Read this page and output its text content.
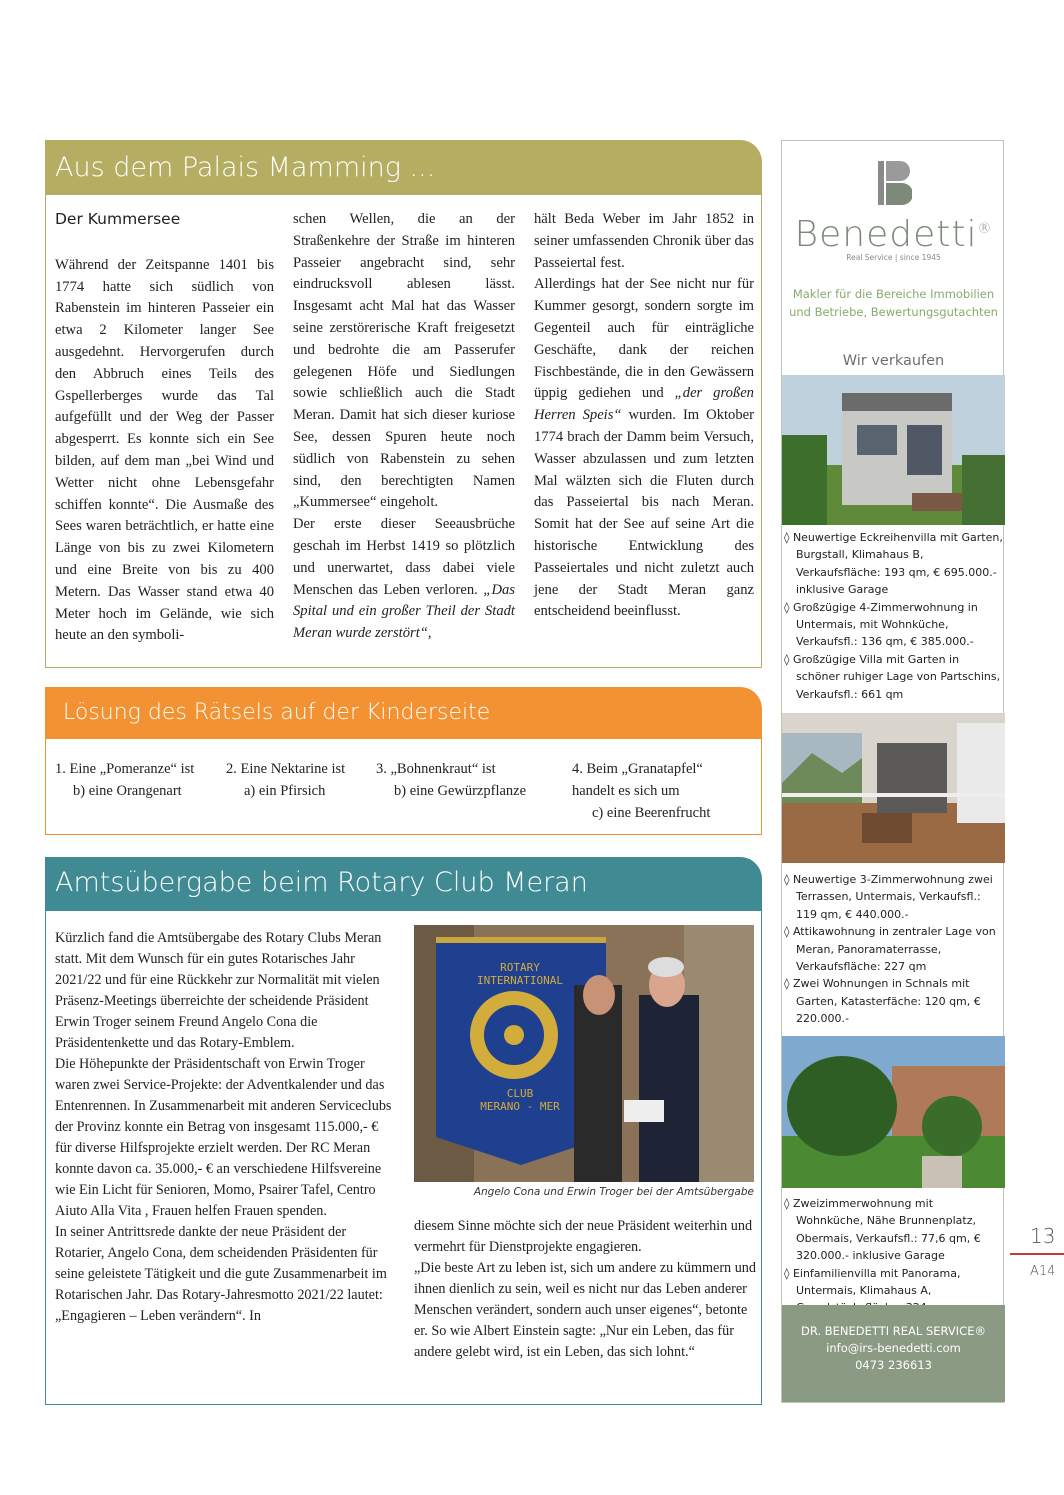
Aus dem Palais Mamming ...

Der Kummersee

Während der Zeitspanne 1401 bis 1774 hatte sich südlich von Rabenstein im hinteren Passeier ein etwa 2 Kilometer langer See ausgedehnt. Hervorgerufen durch den Abbruch eines Teils des Gspellerberges wurde das Tal aufgefüllt und der Weg der Passer abgesperrt. Es konnte sich ein See bilden, auf dem man „bei Wind und Wetter nicht ohne Lebensgefahr schiffen konnte“. Die Ausmaße des Sees waren beträchtlich, er hatte eine Länge von bis zu zwei Kilometern und eine Breite von bis zu 400 Metern. Das Wasser stand etwa 40 Meter hoch im Gelände, wie sich heute an den symboli-

schen Wellen, die an der Straßenkehre der Straße im hinteren Passeier angebracht sind, sehr eindrucksvoll ablesen lässt. Insgesamt acht Mal hat das Wasser seine zerstörerische Kraft freigesetzt und bedrohte die am Passerufer gelegenen Höfe und Siedlungen sowie schließlich auch die Stadt Meran. Damit hat sich dieser kuriose See, dessen Spuren heute noch südlich von Rabenstein zu sehen sind, den berechtigten Namen „Kummersee“ eingeholt.

Der erste dieser Seeausbrüche geschah im Herbst 1419 so plötzlich und unerwartet, dass dabei viele Menschen das Leben verloren. „Das Spital und ein großer Theil der Stadt Meran wurde zerstört“,

hält Beda Weber im Jahr 1852 in seiner umfassenden Chronik über das Passeiertal fest.

Allerdings hat der See nicht nur für Kummer gesorgt, sondern sorgte im Gegenteil auch für einträgliche Geschäfte, dank der reichen Fischbestände, die in den Gewässern üppig gediehen und „der großen Herren Speis“ wurden. Im Oktober 1774 brach der Damm beim Versuch, Wasser abzulassen und zum letzten Mal wälzten sich die Fluten durch das Passeiertal bis nach Meran. Somit hat der See auf seine Art die historische Entwicklung des Passeiertales und nicht zuletzt auch jene der Stadt Meran ganz entscheidend beeinflusst.

Lösung des Rätsels auf der Kinderseite
1. Eine „Pomeranze“ ist
b) eine Orangenart
2. Eine Nektarine ist
a) ein Pfirsich
3. „Bohnenkraut“ ist
b) eine Gewürzpflanze
4. Beim „Granatapfel“ handelt es sich um
c) eine Beerenfrucht
Amtsübergabe beim Rotary Club Meran

Kürzlich fand die Amtsübergabe des Rotary Clubs Meran statt. Mit dem Wunsch für ein gutes Rotarisches Jahr 2021/22 und für eine Rückkehr zur Normalität mit vielen Präsenz-Meetings überreichte der scheidende Präsident Erwin Troger seinem Freund Angelo Cona die Präsidentenkette und das Rotary-Emblem.

Die Höhepunkte der Präsidentschaft von Erwin Troger waren zwei Service-Projekte: der Adventkalender und das Entenrennen. In Zusammenarbeit mit anderen Serviceclubs der Provinz konnte ein Betrag von insgesamt 115.000,- € für diverse Hilfsprojekte erzielt werden. Der RC Meran konnte davon ca. 35.000,- € an verschiedene Hilfsvereine wie Ein Licht für Senioren, Momo, Psairer Tafel, Centro Aiuto Alla Vita , Frauen helfen Frauen spenden.

In seiner Antrittsrede dankte der neue Präsident der Rotarier, Angelo Cona, dem scheidenden Präsidenten für seine geleistete Tätigkeit und die gute Zusammenarbeit im Rotarischen Jahr. Das Rotary-Jahresmotto 2021/22 lautet: „Engagieren – Leben verändern“. In

ROTARY
INTERNATIONAL
CLUB
MERANO - MER
Angelo Cona und Erwin Troger bei der Amtsübergabe

diesem Sinne möchte sich der neue Präsident weiterhin und vermehrt für Dienstprojekte engagieren.

„Die beste Art zu leben ist, sich um andere zu kümmern und ihnen dienlich zu sein, weil es nicht nur das Leben anderer Menschen verändert, sondern auch unser eigenes“, betonte er. So wie Albert Einstein sagte: „Nur ein Leben, das für andere gelebt wird, ist ein Leben, das sich lohnt.“

Benedetti®
Real Service | since 1945
Makler für die Bereiche Immobilien und Betriebe, Bewertungsgutachten
Wir verkaufen
◊ Neuwertige Eckreihenvilla mit Garten, Burgstall, Klimahaus B, Verkaufsfläche: 193 qm, € 695.000.- inklusive Garage
◊ Großzügige 4-Zimmerwohnung in Untermais, mit Wohnküche, Verkaufsfl.: 136 qm, € 385.000.-
◊ Großzügige Villa mit Garten in schöner ruhiger Lage von Partschins, Verkaufsfl.: 661 qm
◊ Neuwertige 3-Zimmerwohnung zwei Terrassen, Untermais, Verkaufsfl.: 119 qm, € 440.000.-
◊ Attikawohnung in zentraler Lage von Meran, Panoramaterrasse, Verkaufsfläche: 227 qm
◊ Zwei Wohnungen in Schnals mit Garten, Katasterfäche: 120 qm, € 220.000.-
◊ Zweizimmerwohnung mit Wohnküche, Nähe Brunnenplatz, Obermais, Verkaufsfl.: 77,6 qm, € 320.000.- inklusive Garage
◊ Einfamilienvilla mit Panorama, Untermais, Klimahaus A,
DR. BENEDETTI REAL SERVICE®
info@irs-benedetti.com
0473 236613
13
A14
